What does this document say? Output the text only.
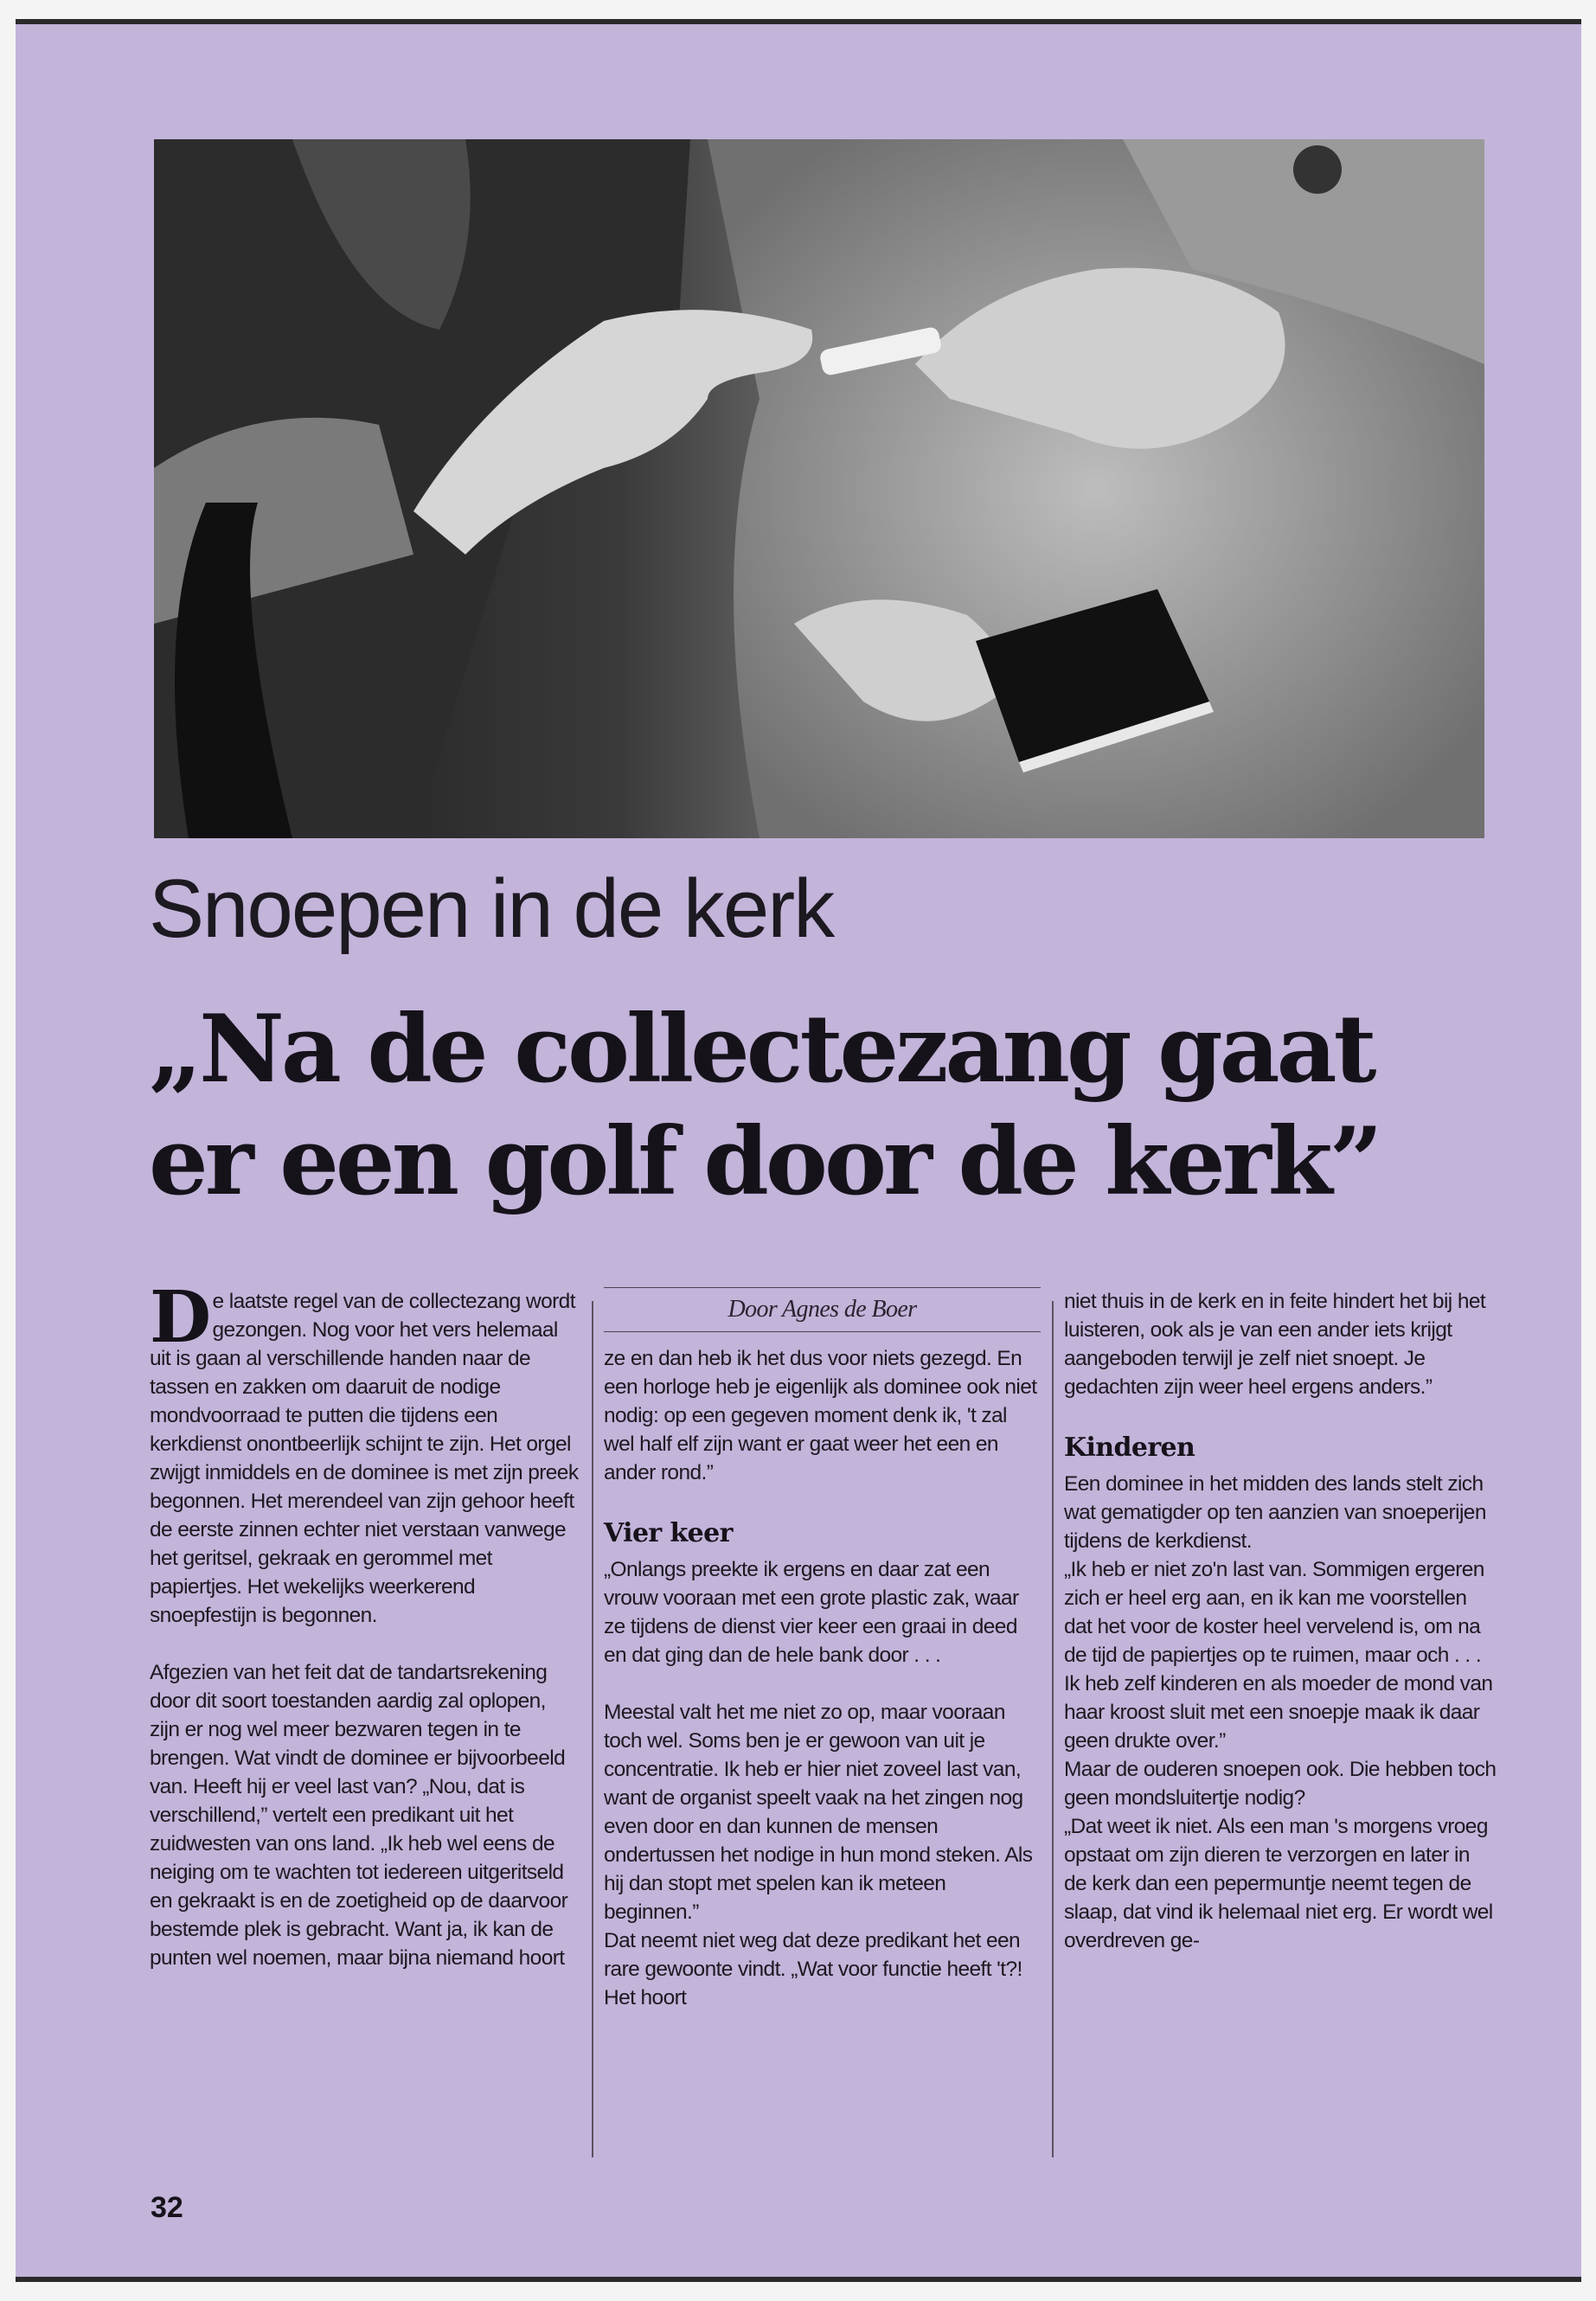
Snoepen in de kerk
„Na de collectezang gaat er een golf door de kerk”

De laatste regel van de collectezang wordt gezongen. Nog voor het vers helemaal uit is gaan al verschillende handen naar de tassen en zakken om daaruit de nodige mondvoorraad te putten die tijdens een kerkdienst onontbeerlijk schijnt te zijn. Het orgel zwijgt inmiddels en de dominee is met zijn preek begonnen. Het merendeel van zijn gehoor heeft de eerste zinnen echter niet verstaan vanwege het geritsel, gekraak en gerommel met papiertjes. Het wekelijks weerkerend snoepfestijn is begonnen.

Afgezien van het feit dat de tandartsrekening door dit soort toestanden aardig zal oplopen, zijn er nog wel meer bezwaren tegen in te brengen. Wat vindt de dominee er bijvoorbeeld van. Heeft hij er veel last van? „Nou, dat is verschillend,” vertelt een predikant uit het zuidwesten van ons land. „Ik heb wel eens de neiging om te wachten tot iedereen uitgeritseld en gekraakt is en de zoetigheid op de daarvoor bestemde plek is gebracht. Want ja, ik kan de punten wel noemen, maar bijna niemand hoort

Door Agnes de Boer

ze en dan heb ik het dus voor niets gezegd. En een horloge heb je eigenlijk als dominee ook niet nodig: op een gegeven moment denk ik, 't zal wel half elf zijn want er gaat weer het een en ander rond.”

Vier keer

„Onlangs preekte ik ergens en daar zat een vrouw vooraan met een grote plastic zak, waar ze tijdens de dienst vier keer een graai in deed en dat ging dan de hele bank door . . .

Meestal valt het me niet zo op, maar vooraan toch wel. Soms ben je er gewoon van uit je concentratie. Ik heb er hier niet zoveel last van, want de organist speelt vaak na het zingen nog even door en dan kunnen de mensen ondertussen het nodige in hun mond steken. Als hij dan stopt met spelen kan ik meteen beginnen.”

Dat neemt niet weg dat deze predikant het een rare gewoonte vindt. „Wat voor functie heeft 't?! Het hoort

niet thuis in de kerk en in feite hindert het bij het luisteren, ook als je van een ander iets krijgt aangeboden terwijl je zelf niet snoept. Je gedachten zijn weer heel ergens anders.”

Kinderen

Een dominee in het midden des lands stelt zich wat gematigder op ten aanzien van snoeperijen tijdens de kerkdienst.

„Ik heb er niet zo'n last van. Sommigen ergeren zich er heel erg aan, en ik kan me voorstellen dat het voor de koster heel vervelend is, om na de tijd de papiertjes op te ruimen, maar och . . . Ik heb zelf kinderen en als moeder de mond van haar kroost sluit met een snoepje maak ik daar geen drukte over.”

Maar de ouderen snoepen ook. Die hebben toch geen mondsluitertje nodig?

„Dat weet ik niet. Als een man 's morgens vroeg opstaat om zijn dieren te verzorgen en later in de kerk dan een pepermuntje neemt tegen de slaap, dat vind ik helemaal niet erg. Er wordt wel overdreven ge-

32
